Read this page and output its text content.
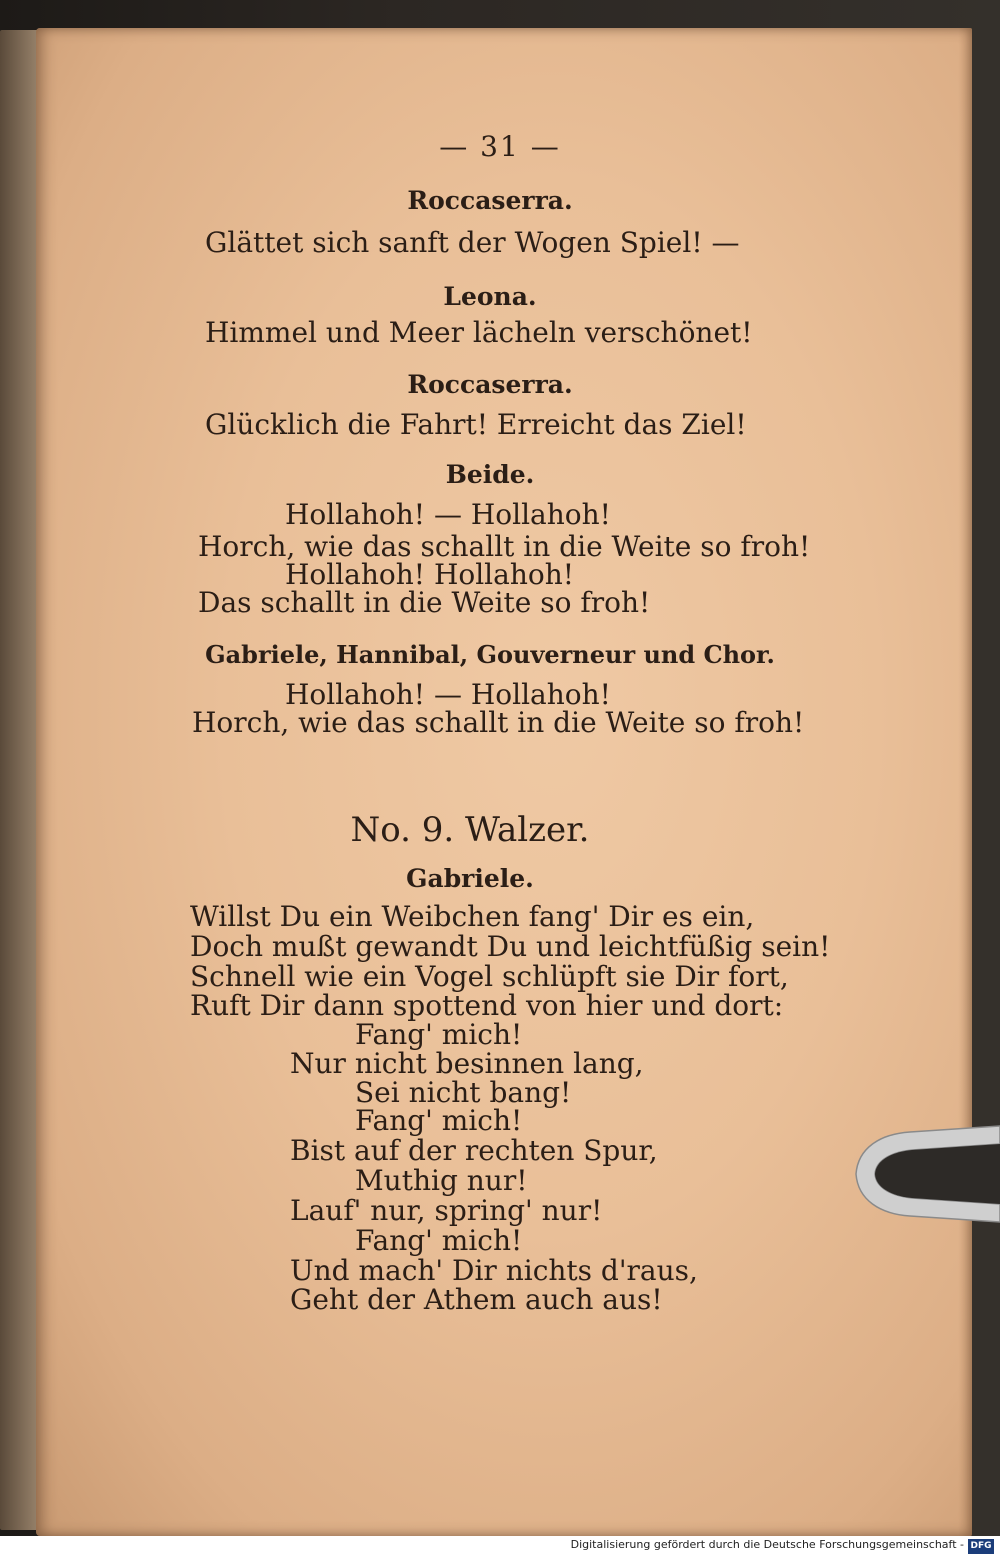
— 31 —
Roccaserra.
Glättet sich sanft der Wogen Spiel! —
Leona.
Himmel und Meer lächeln verschönet!
Roccaserra.
Glücklich die Fahrt! Erreicht das Ziel!
Beide.
Hollahoh! — Hollahoh!
Horch, wie das schallt in die Weite so froh!
Hollahoh! Hollahoh!
Das schallt in die Weite so froh!
Gabriele, Hannibal, Gouverneur und Chor.
Hollahoh! — Hollahoh!
Horch, wie das schallt in die Weite so froh!
No. 9. Walzer.
Gabriele.
Willst Du ein Weibchen fang' Dir es ein,
Doch mußt gewandt Du und leichtfüßig sein!
Schnell wie ein Vogel schlüpft sie Dir fort,
Ruft Dir dann spottend von hier und dort:
Fang' mich!
Nur nicht besinnen lang,
Sei nicht bang!
Fang' mich!
Bist auf der rechten Spur,
Muthig nur!
Lauf' nur, spring' nur!
Fang' mich!
Und mach' Dir nichts d'raus,
Geht der Athem auch aus!
Digitalisierung gefördert durch die Deutsche Forschungsgemeinschaft - DFG
